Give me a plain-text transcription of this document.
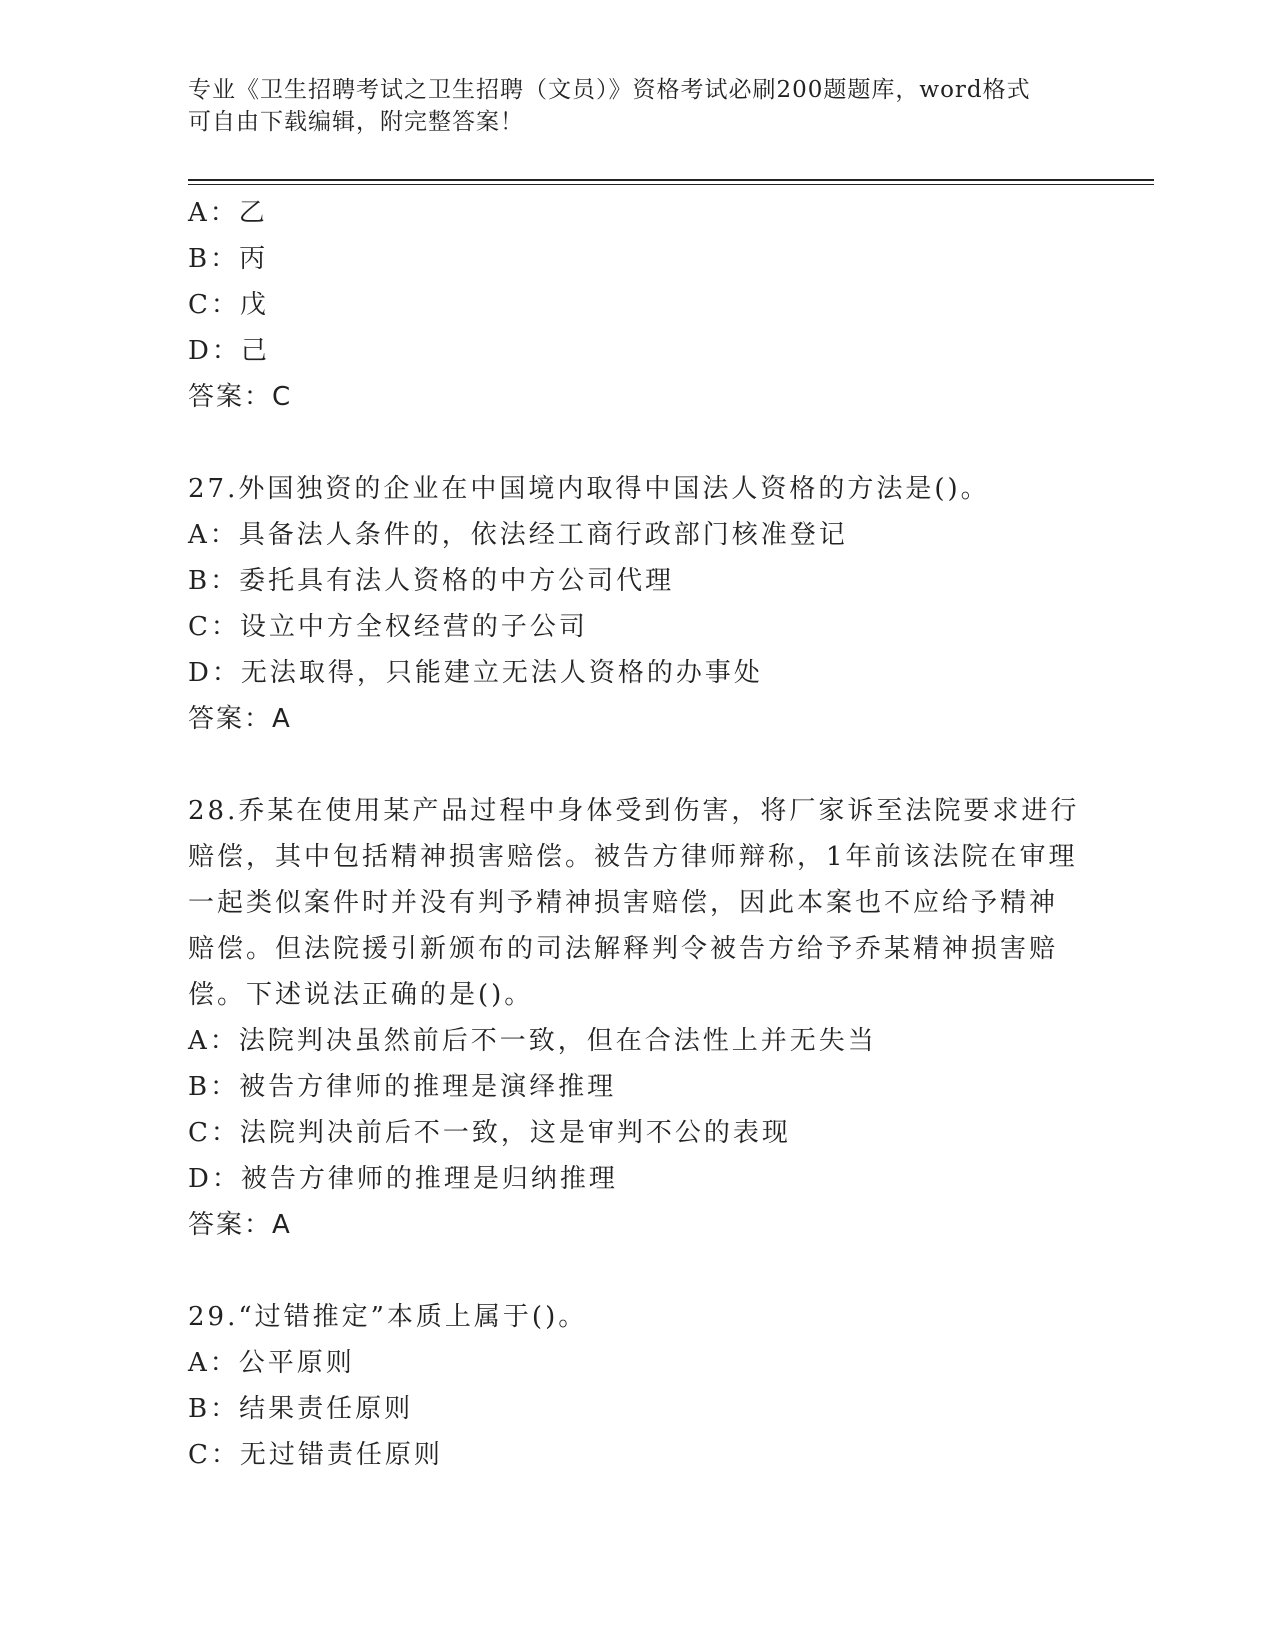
专业《卫生招聘考试之卫生招聘（文员）》资格考试必刷200题题库，word格式
可自由下载编辑，附完整答案！
A：乙
B：丙
C：戊
D：己
答案：C
27.外国独资的企业在中国境内取得中国法人资格的方法是()。
A：具备法人条件的，依法经工商行政部门核准登记
B：委托具有法人资格的中方公司代理
C：设立中方全权经营的子公司
D：无法取得，只能建立无法人资格的办事处
答案：A
28.乔某在使用某产品过程中身体受到伤害，将厂家诉至法院要求进行
赔偿，其中包括精神损害赔偿。被告方律师辩称，1年前该法院在审理
一起类似案件时并没有判予精神损害赔偿，因此本案也不应给予精神
赔偿。但法院援引新颁布的司法解释判令被告方给予乔某精神损害赔
偿。下述说法正确的是()。
A：法院判决虽然前后不一致，但在合法性上并无失当
B：被告方律师的推理是演绎推理
C：法院判决前后不一致，这是审判不公的表现
D：被告方律师的推理是归纳推理
答案：A
29.“过错推定”本质上属于()。
A：公平原则
B：结果责任原则
C：无过错责任原则
